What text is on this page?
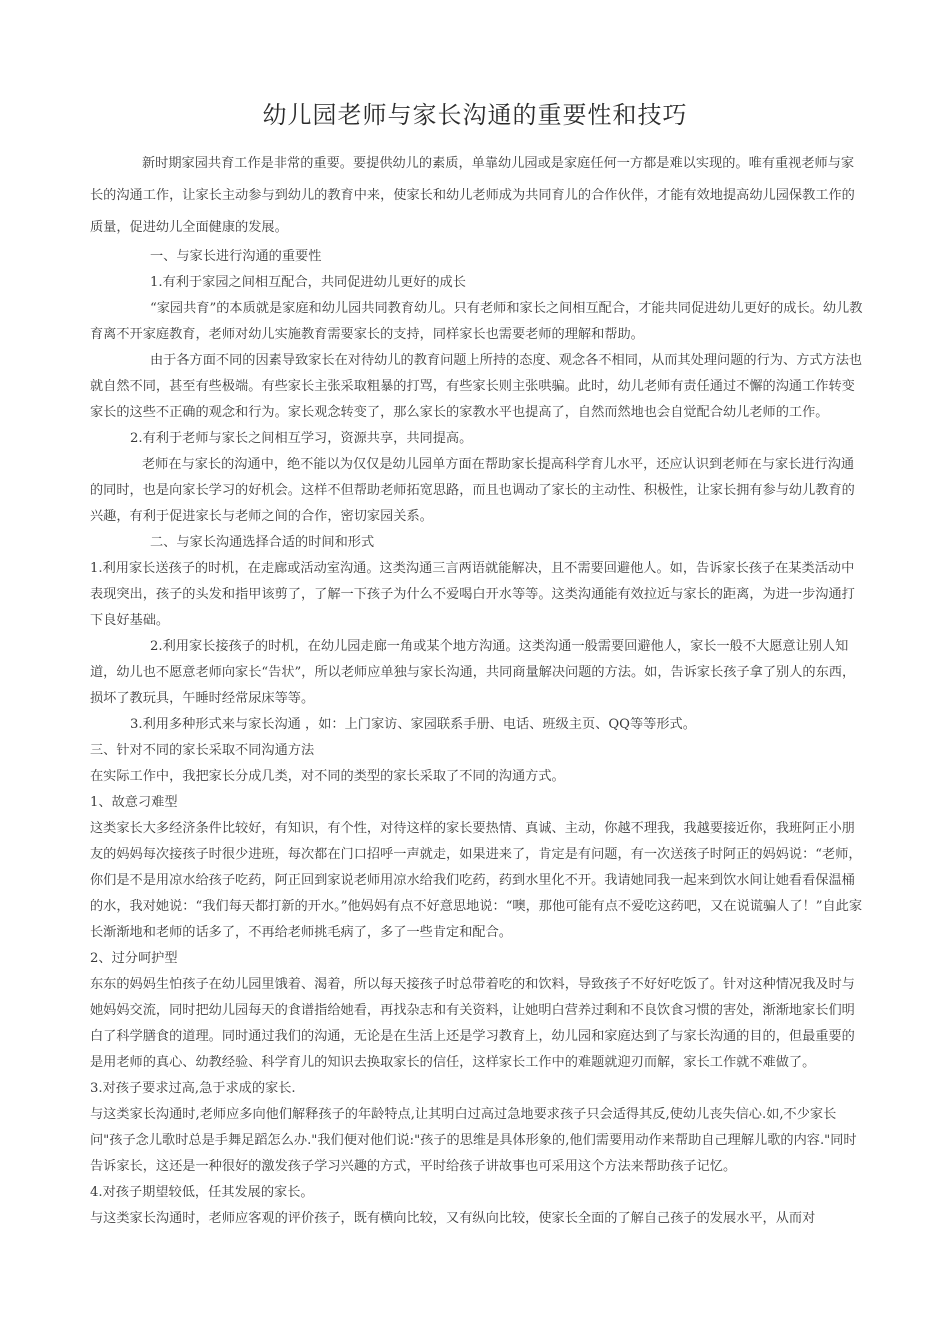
幼儿园老师与家长沟通的重要性和技巧

新时期家园共育工作是非常的重要。要提供幼儿的素质，单靠幼儿园或是家庭任何一方都是难以实现的。唯有重视老师与家长的沟通工作，让家长主动参与到幼儿的教育中来，使家长和幼儿老师成为共同育儿的合作伙伴，才能有效地提高幼儿园保教工作的质量，促进幼儿全面健康的发展。

一、与家长进行沟通的重要性

1.有利于家园之间相互配合，共同促进幼儿更好的成长

“家园共育”的本质就是家庭和幼儿园共同教育幼儿。只有老师和家长之间相互配合，才能共同促进幼儿更好的成长。幼儿教育离不开家庭教育，老师对幼儿实施教育需要家长的支持，同样家长也需要老师的理解和帮助。

由于各方面不同的因素导致家长在对待幼儿的教育问题上所持的态度、观念各不相同，从而其处理问题的行为、方式方法也就自然不同，甚至有些极端。有些家长主张采取粗暴的打骂，有些家长则主张哄骗。此时，幼儿老师有责任通过不懈的沟通工作转变家长的这些不正确的观念和行为。家长观念转变了，那么家长的家教水平也提高了，自然而然地也会自觉配合幼儿老师的工作。

2.有利于老师与家长之间相互学习，资源共享，共同提高。

老师在与家长的沟通中，绝不能以为仅仅是幼儿园单方面在帮助家长提高科学育儿水平，还应认识到老师在与家长进行沟通的同时，也是向家长学习的好机会。这样不但帮助老师拓宽思路，而且也调动了家长的主动性、积极性，让家长拥有参与幼儿教育的兴趣，有利于促进家长与老师之间的合作，密切家园关系。

二、与家长沟通选择合适的时间和形式

1.利用家长送孩子的时机，在走廊或活动室沟通。这类沟通三言两语就能解决，且不需要回避他人。如，告诉家长孩子在某类活动中表现突出，孩子的头发和指甲该剪了，了解一下孩子为什么不爱喝白开水等等。这类沟通能有效拉近与家长的距离，为进一步沟通打下良好基础。

2.利用家长接孩子的时机，在幼儿园走廊一角或某个地方沟通。这类沟通一般需要回避他人，家长一般不大愿意让别人知道，幼儿也不愿意老师向家长“告状”，所以老师应单独与家长沟通，共同商量解决问题的方法。如，告诉家长孩子拿了别人的东西，损坏了教玩具，午睡时经常尿床等等。

3.利用多种形式来与家长沟通 ，如：上门家访、家园联系手册、电话、班级主页、QQ等等形式。

三、针对不同的家长采取不同沟通方法

在实际工作中，我把家长分成几类，对不同的类型的家长采取了不同的沟通方式。

1、故意刁难型

这类家长大多经济条件比较好，有知识，有个性，对待这样的家长要热情、真诚、主动，你越不理我，我越要接近你，我班阿正小朋友的妈妈每次接孩子时很少进班，每次都在门口招呼一声就走，如果进来了，肯定是有问题，有一次送孩子时阿正的妈妈说：“老师，你们是不是用凉水给孩子吃药，阿正回到家说老师用凉水给我们吃药，药到水里化不开。我请她同我一起来到饮水间让她看看保温桶的水，我对她说：“我们每天都打新的开水。”他妈妈有点不好意思地说：“噢，那他可能有点不爱吃这药吧，又在说谎骗人了！”自此家长渐渐地和老师的话多了，不再给老师挑毛病了，多了一些肯定和配合。

2、过分呵护型

东东的妈妈生怕孩子在幼儿园里饿着、渴着，所以每天接孩子时总带着吃的和饮料，导致孩子不好好吃饭了。针对这种情况我及时与她妈妈交流，同时把幼儿园每天的食谱指给她看，再找杂志和有关资料，让她明白营养过剩和不良饮食习惯的害处，渐渐地家长们明白了科学膳食的道理。同时通过我们的沟通，无论是在生活上还是学习教育上，幼儿园和家庭达到了与家长沟通的目的，但最重要的是用老师的真心、幼教经验、科学育儿的知识去换取家长的信任，这样家长工作中的难题就迎刃而解，家长工作就不难做了。

3.对孩子要求过高,急于求成的家长.

与这类家长沟通时,老师应多向他们解释孩子的年龄特点,让其明白过高过急地要求孩子只会适得其反,使幼儿丧失信心.如,不少家长问"孩子念儿歌时总是手舞足蹈怎么办."我们便对他们说:"孩子的思维是具体形象的,他们需要用动作来帮助自己理解儿歌的内容."同时告诉家长，这还是一种很好的激发孩子学习兴趣的方式，平时给孩子讲故事也可采用这个方法来帮助孩子记忆。

4.对孩子期望较低，任其发展的家长。

与这类家长沟通时，老师应客观的评价孩子，既有横向比较，又有纵向比较，使家长全面的了解自己孩子的发展水平，从而对
